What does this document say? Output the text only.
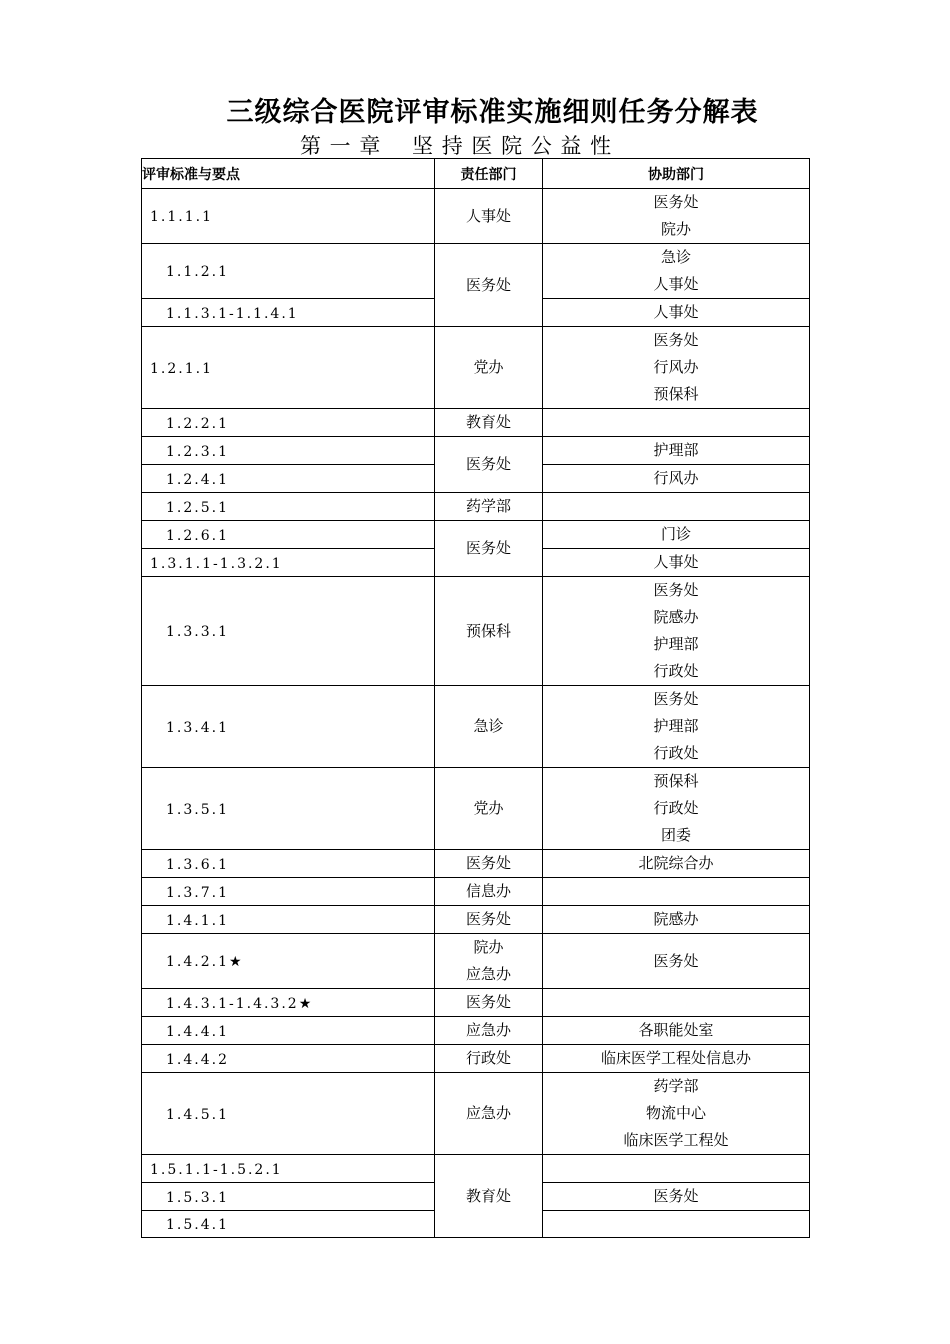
三级综合医院评审标准实施细则任务分解表
第 一 章    坚 持 医 院 公 益 性
评审标准与要点	责任部门	协助部门
1.1.1.1	人事处	医务处
院办

1.1.2.1	医务处	急诊
人事处

1.1.3.1-1.1.4.1		人事处

1.2.1.1	党办	医务处
行风办
预保科

1.2.2.1	教育处	

1.2.3.1	医务处	护理部

1.2.4.1		行风办

1.2.5.1	药学部	

1.2.6.1	医务处	门诊

1.3.1.1-1.3.2.1		人事处

1.3.3.1	预保科	医务处
院感办
护理部
行政处

1.3.4.1	急诊	医务处
护理部
行政处

1.3.5.1	党办	预保科
行政处
团委

1.3.6.1	医务处	北院综合办

1.3.7.1	信息办	

1.4.1.1	医务处	院感办

1.4.2.1★	院办
应急办	医务处

1.4.3.1-1.4.3.2★	医务处	

1.4.4.1	应急办	各职能处室

1.4.4.2	行政处	临床医学工程处信息办

1.4.5.1	应急办	药学部
物流中心
临床医学工程处

1.5.1.1-1.5.2.1	教育处	

1.5.3.1		医务处

1.5.4.1		
